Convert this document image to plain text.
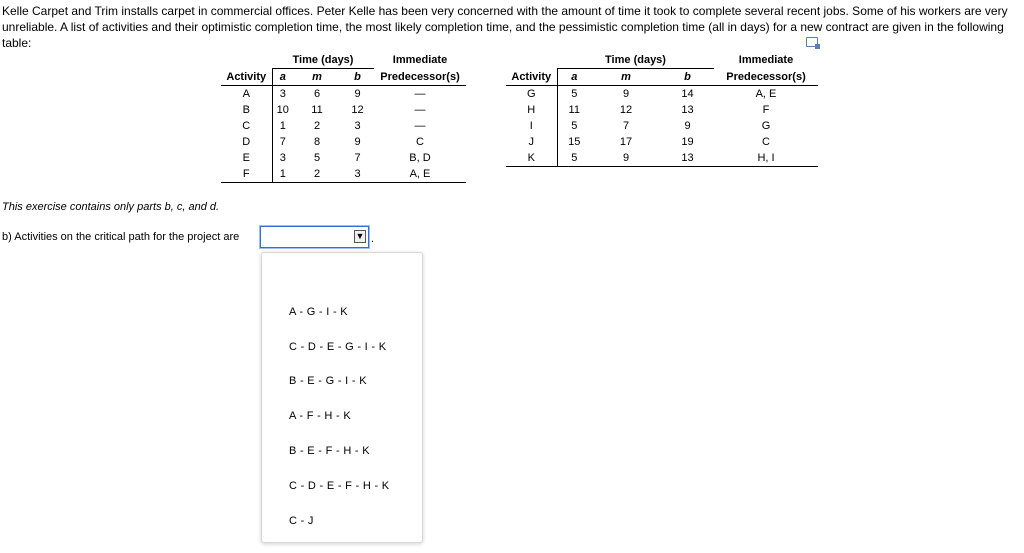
Kelle Carpet and Trim installs carpet in commercial offices. Peter Kelle has been very concerned with the amount of time it took to complete several recent jobs. Some of his workers are very unreliable. A list of activities and their optimistic completion time, the most likely completion time, and the pessimistic completion time (all in days) for a new contract are given in the following table:

	Time (days)			Immediate
Activity	a	m	b	Predecessor(s)
A	3	6	9	—
B	10	11	12	—
C	1	2	3	—
D	7	8	9	C
E	3	5	7	B, D
F	1	2	3	A, E
	Time (days)			Immediate
Activity	a	m	b	Predecessor(s)
G	5	9	14	A, E
H	11	12	13	F
I	5	7	9	G
J	15	17	19	C
K	5	9	13	H, I

This exercise contains only parts b, c, and d.

b) Activities on the critical path for the project are	▼ .
A - G - I - K
C - D - E - G - I - K
B - E - G - I - K
A - F - H - K
B - E - F - H - K
C - D - E - F - H - K
C - J
